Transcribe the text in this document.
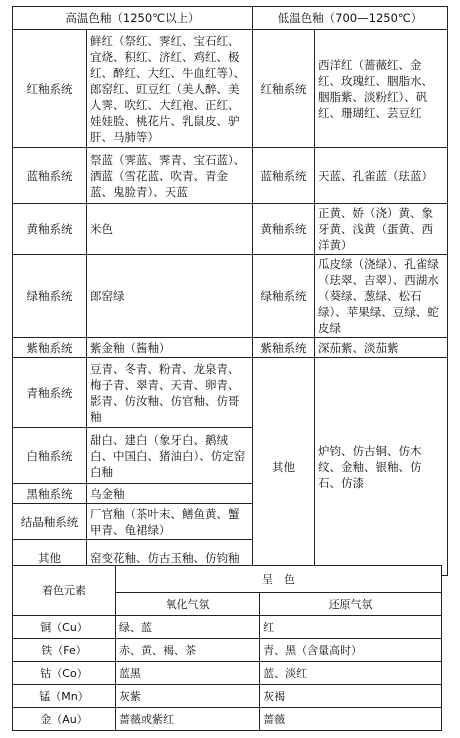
高温色釉（1250℃以上）		低温色釉（700—1250℃）	
红釉系统	鲜红（祭红、霁红、宝石红、宜烧、积红、济红、鸡红、极红、醉红、大红、牛血红等）、郎窑红、豇豆红（美人醉、美人霁、吹红、大红袍、正红、娃娃脸、桃花片、乳鼠皮、驴肝、马肺等）	红釉系统	西洋红（蔷薇红、金红、玫瑰红、胭脂水、胭脂紫、淡粉红）、矾红、珊瑚红、芸豆红
蓝釉系统	祭蓝（霁蓝、霁青、宝石蓝）、洒蓝（雪花蓝、吹青、青金蓝、鬼脸青）、天蓝	蓝釉系统	天蓝、孔雀蓝（珐蓝）
黄釉系统	米色	黄釉系统	正黄、娇（浇）黄、象牙黄、浅黄（蛋黄、西洋黄）
绿釉系统	郎窑绿	绿釉系统	瓜皮绿（浇绿）、孔雀绿（珐翠、吉翠）、西湖水（葵绿、葱绿、松石绿）、苹果绿、豆绿、蛇皮绿
紫釉系统	紫金釉（酱釉）	紫釉系统	深茄紫、淡茄紫
青釉系统	豆青、冬青、粉青、龙泉青、梅子青、翠青、天青、卵青、影青、仿汝釉、仿官釉、仿哥釉	其他	炉钧、仿古铜、仿木纹、金釉、银釉、仿石、仿漆
白釉系统	甜白、建白（象牙白、鹅绒白、中国白、猪油白）、仿定窑白釉		
黑釉系统	乌金釉		
结晶釉系统	厂官釉（茶叶末、鳝鱼黄、蟹甲青、龟裙绿）		
其他	窑变花釉、仿古玉釉、仿钧釉		
着色元素	呈　色	
	氧化气氛	还原气氛
铜（Cu）	绿、蓝	红
铁（Fe）	赤、黄、褐、茶	青、黑（含量高时）
钴（Co）	蓝黑	蓝、淡红
锰（Mn）	灰紫	灰褐
金（Au）	蔷薇或紫红	蔷薇
